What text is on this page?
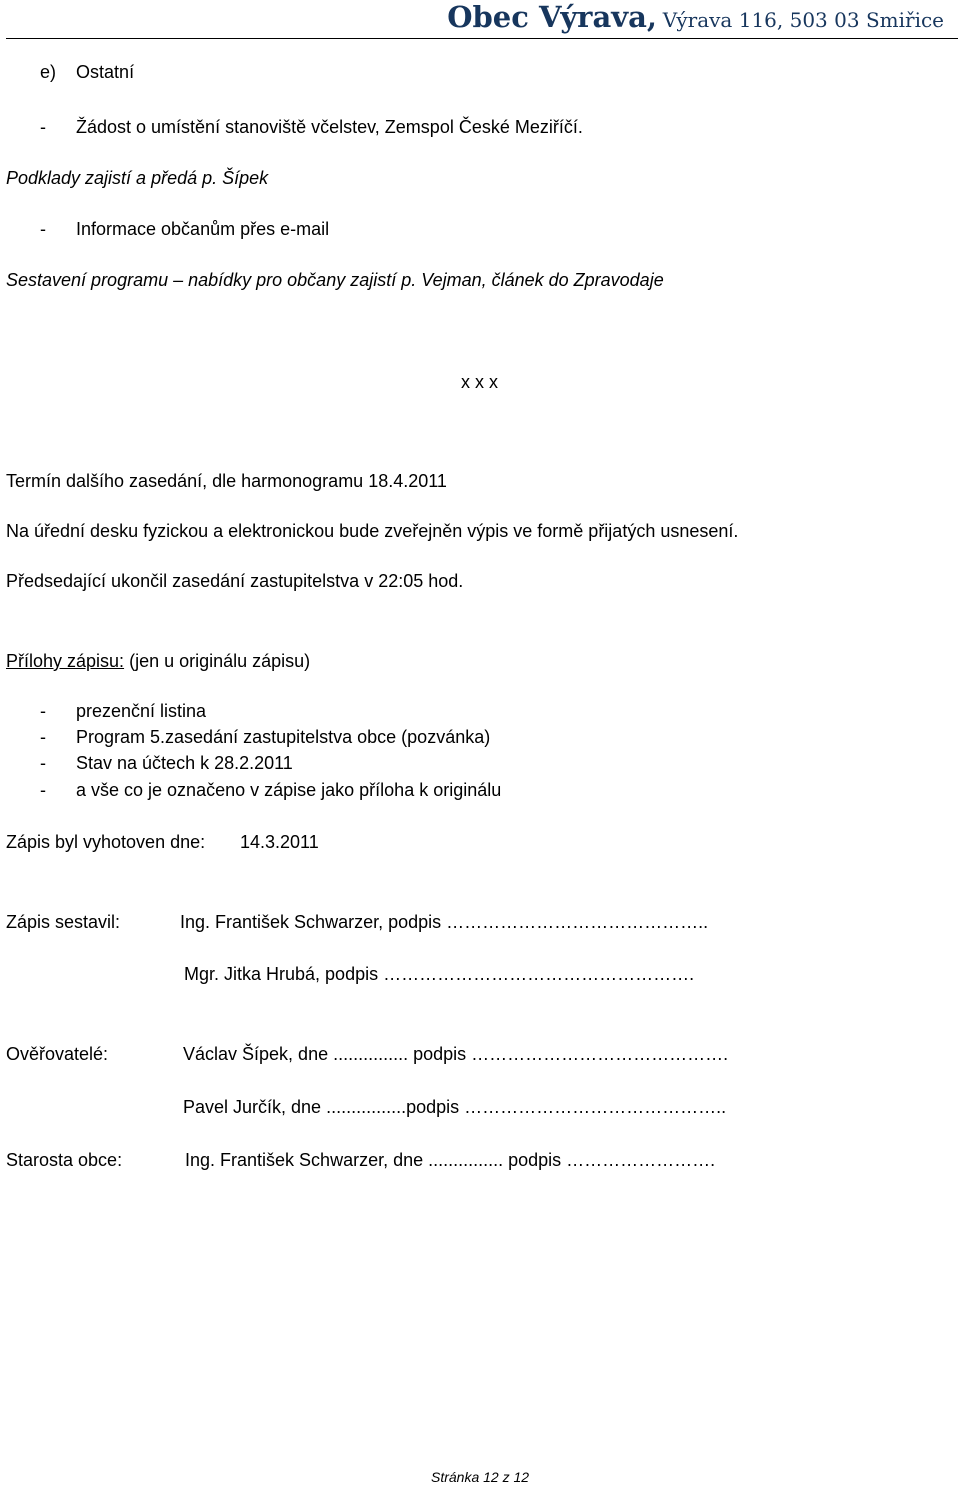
Obec Výrava, Výrava 116, 503 03 Smiřice
e) Ostatní
- Žádost o umístění stanoviště včelstev, Zemspol České Meziříčí.
Podklady zajistí a předá p. Šípek
- Informace občanům přes e-mail
Sestavení programu – nabídky pro občany zajistí p. Vejman, článek do Zpravodaje
x x x
Termín dalšího zasedání, dle harmonogramu 18.4.2011
Na úřední desku fyzickou a elektronickou bude zveřejněn výpis ve formě přijatých usnesení.
Předsedající ukončil zasedání zastupitelstva v 22:05 hod.
Přílohy zápisu: (jen u originálu zápisu)
- prezenční listina
- Program 5.zasedání zastupitelstva obce (pozvánka)
- Stav na účtech k 28.2.2011
- a vše co je označeno v zápise jako příloha k originálu
Zápis byl vyhotoven dne: 14.3.2011
Zápis sestavil:	Ing. František Schwarzer, podpis ……………………………………..
Mgr. Jitka Hrubá, podpis …………………………………………….
Ověřovatelé:	Václav Šípek, dne ............... podpis …………………………………….
Pavel Jurčík, dne ................podpis ……………………………………..
Starosta obce:	Ing. František Schwarzer, dne ............... podpis …………………….
Stránka 12 z 12
